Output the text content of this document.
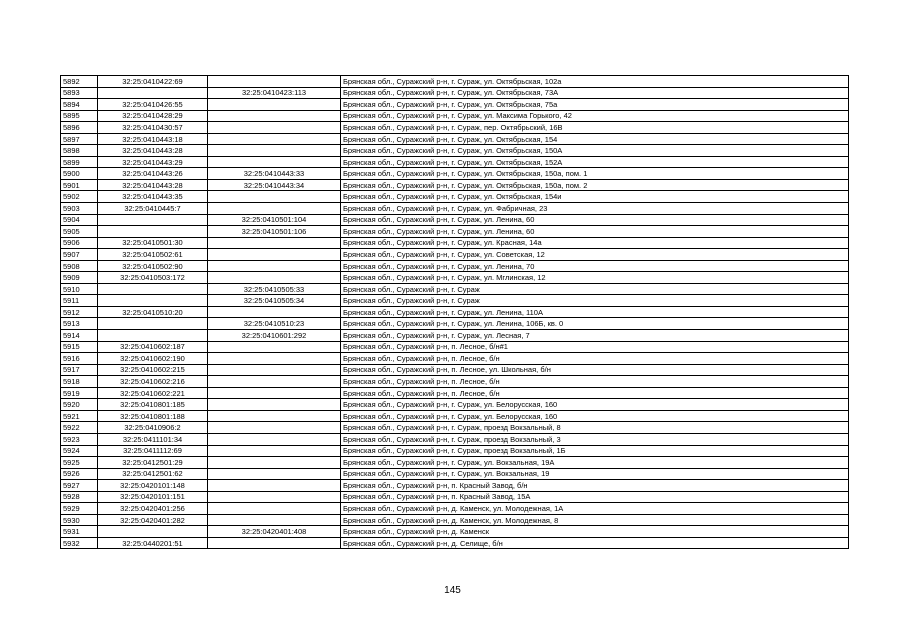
5892	32:25:0410422:69		Брянская обл., Суражский р-н, г. Сураж, ул. Октябрьская, 102а
5893		32:25:0410423:113	Брянская обл., Суражский р-н, г. Сураж, ул. Октябрьская, 73А
5894	32:25:0410426:55		Брянская обл., Суражский р-н, г. Сураж, ул. Октябрьская, 75а
5895	32:25:0410428:29		Брянская обл., Суражский р-н, г. Сураж, ул. Максима Горького, 42
5896	32:25:0410430:57		Брянская обл., Суражский р-н, г. Сураж, пер. Октябрьский, 16В
5897	32:25:0410443:18		Брянская обл., Суражский р-н, г. Сураж, ул. Октябрьская, 154
5898	32:25:0410443:28		Брянская обл., Суражский р-н, г. Сураж, ул. Октябрьская, 150А
5899	32:25:0410443:29		Брянская обл., Суражский р-н, г. Сураж, ул. Октябрьская, 152А
5900	32:25:0410443:26	32:25:0410443:33	Брянская обл., Суражский р-н, г. Сураж, ул. Октябрьская, 150а, пом. 1
5901	32:25:0410443:28	32:25:0410443:34	Брянская обл., Суражский р-н, г. Сураж, ул. Октябрьская, 150а, пом. 2
5902	32:25:0410443:35		Брянская обл., Суражский р-н, г. Сураж, ул. Октябрьская, 154и
5903	32:25:0410445:7		Брянская обл., Суражский р-н, г. Сураж, ул. Фабричная, 23
5904		32:25:0410501:104	Брянская обл., Суражский р-н, г. Сураж, ул. Ленина, 60
5905		32:25:0410501:106	Брянская обл., Суражский р-н, г. Сураж, ул. Ленина, 60
5906	32:25:0410501:30		Брянская обл., Суражский р-н, г. Сураж, ул. Красная, 14а
5907	32:25:0410502:61		Брянская обл., Суражский р-н, г. Сураж, ул. Советская, 12
5908	32:25:0410502:90		Брянская обл., Суражский р-н, г. Сураж, ул. Ленина, 70
5909	32:25:0410503:172		Брянская обл., Суражский р-н, г. Сураж, ул. Мглинская, 12
5910		32:25:0410505:33	Брянская обл., Суражский р-н, г. Сураж
5911		32:25:0410505:34	Брянская обл., Суражский р-н, г. Сураж
5912	32:25:0410510:20		Брянская обл., Суражский р-н, г. Сураж, ул. Ленина, 110А
5913		32:25:0410510:23	Брянская обл., Суражский р-н, г. Сураж, ул. Ленина, 106Б, кв. 0
5914		32:25:0410601:292	Брянская обл., Суражский р-н, г. Сураж, ул. Лесная, 7
5915	32:25:0410602:187		Брянская обл., Суражский р-н, п. Лесное, б/н#1
5916	32:25:0410602:190		Брянская обл., Суражский р-н, п. Лесное, б/н
5917	32:25:0410602:215		Брянская обл., Суражский р-н, п. Лесное, ул. Школьная, б/н
5918	32:25:0410602:216		Брянская обл., Суражский р-н, п. Лесное, б/н
5919	32:25:0410602:221		Брянская обл., Суражский р-н, п. Лесное, б/н
5920	32:25:0410801:185		Брянская обл., Суражский р-н, г. Сураж, ул. Белорусская, 160
5921	32:25:0410801:188		Брянская обл., Суражский р-н, г. Сураж, ул. Белорусская, 160
5922	32:25:0410906:2		Брянская обл., Суражский р-н, г. Сураж, проезд Вокзальный, 8
5923	32:25:0411101:34		Брянская обл., Суражский р-н, г. Сураж, проезд Вокзальный, 3
5924	32:25:0411112:69		Брянская обл., Суражский р-н, г. Сураж, проезд Вокзальный, 1Б
5925	32:25:0412501:29		Брянская обл., Суражский р-н, г. Сураж, ул. Вокзальная, 19А
5926	32:25:0412501:62		Брянская обл., Суражский р-н, г. Сураж, ул. Вокзальная, 19
5927	32:25:0420101:148		Брянская обл., Суражский р-н, п. Красный Завод, б/н
5928	32:25:0420101:151		Брянская обл., Суражский р-н, п. Красный Завод, 15А
5929	32:25:0420401:256		Брянская обл., Суражский р-н, д. Каменск, ул. Молодежная, 1А
5930	32:25:0420401:282		Брянская обл., Суражский р-н, д. Каменск, ул. Молодежная, 8
5931		32:25:0420401:408	Брянская обл., Суражский р-н, д. Каменск
5932	32:25:0440201:51		Брянская обл., Суражский р-н, д. Селище, б/н
145
